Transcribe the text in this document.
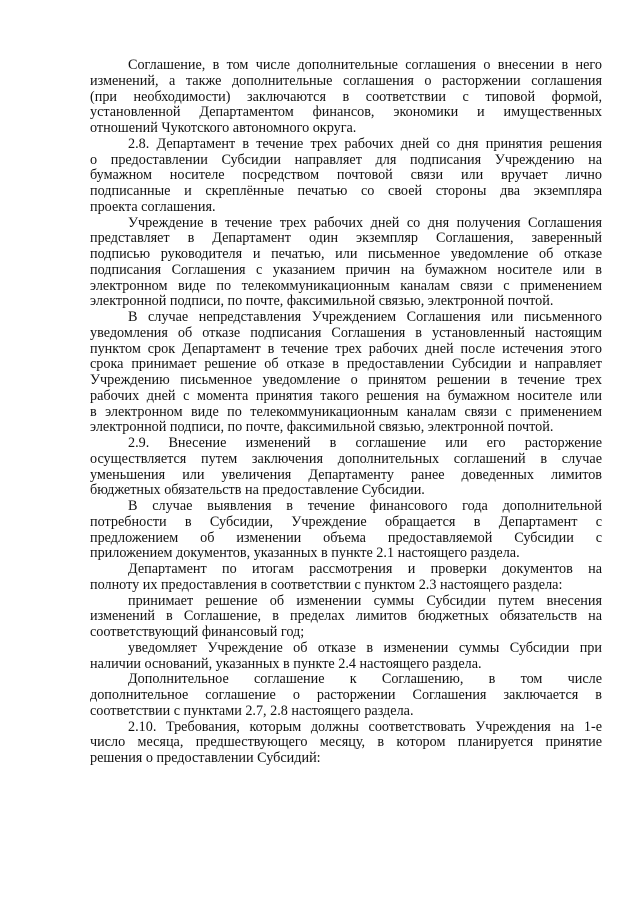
Соглашение, в том числе дополнительные соглашения о внесении в него
изменений, а также дополнительные соглашения о расторжении соглашения
(при необходимости) заключаются в соответствии с типовой формой,
установленной Департаментом финансов, экономики и имущественных
отношений Чукотского автономного округа.
2.8. Департамент в течение трех рабочих дней со дня принятия решения
о предоставлении Субсидии направляет для подписания Учреждению на
бумажном носителе посредством почтовой связи или вручает лично
подписанные и скреплённые печатью со своей стороны два экземпляра
проекта соглашения.
Учреждение в течение трех рабочих дней со дня получения Соглашения
представляет в Департамент один экземпляр Соглашения, заверенный
подписью руководителя и печатью, или письменное уведомление об отказе
подписания Соглашения с указанием причин на бумажном носителе или в
электронном виде по телекоммуникационным каналам связи с применением
электронной подписи, по почте, факсимильной связью, электронной почтой.
В случае непредставления Учреждением Соглашения или письменного
уведомления об отказе подписания Соглашения в установленный настоящим
пунктом срок Департамент в течение трех рабочих дней после истечения этого
срока принимает решение об отказе в предоставлении Субсидии и направляет
Учреждению письменное уведомление о принятом решении в течение трех
рабочих дней с момента принятия такого решения на бумажном носителе или
в электронном виде по телекоммуникационным каналам связи с применением
электронной подписи, по почте, факсимильной связью, электронной почтой.
2.9. Внесение изменений в соглашение или его расторжение
осуществляется путем заключения дополнительных соглашений в случае
уменьшения или увеличения Департаменту ранее доведенных лимитов
бюджетных обязательств на предоставление Субсидии.
В случае выявления в течение финансового года дополнительной
потребности в Субсидии, Учреждение обращается в Департамент с
предложением об изменении объема предоставляемой Субсидии с
приложением документов, указанных в пункте 2.1 настоящего раздела.
Департамент по итогам рассмотрения и проверки документов на
полноту их предоставления в соответствии с пунктом 2.3 настоящего раздела:
принимает решение об изменении суммы Субсидии путем внесения
изменений в Соглашение, в пределах лимитов бюджетных обязательств на
соответствующий финансовый год;
уведомляет Учреждение об отказе в изменении суммы Субсидии при
наличии оснований, указанных в пункте 2.4 настоящего раздела.
Дополнительное соглашение к Соглашению, в том числе
дополнительное соглашение о расторжении Соглашения заключается в
соответствии с пунктами 2.7, 2.8 настоящего раздела.
2.10. Требования, которым должны соответствовать Учреждения на 1-е
число месяца, предшествующего месяцу, в котором планируется принятие
решения о предоставлении Субсидий:
